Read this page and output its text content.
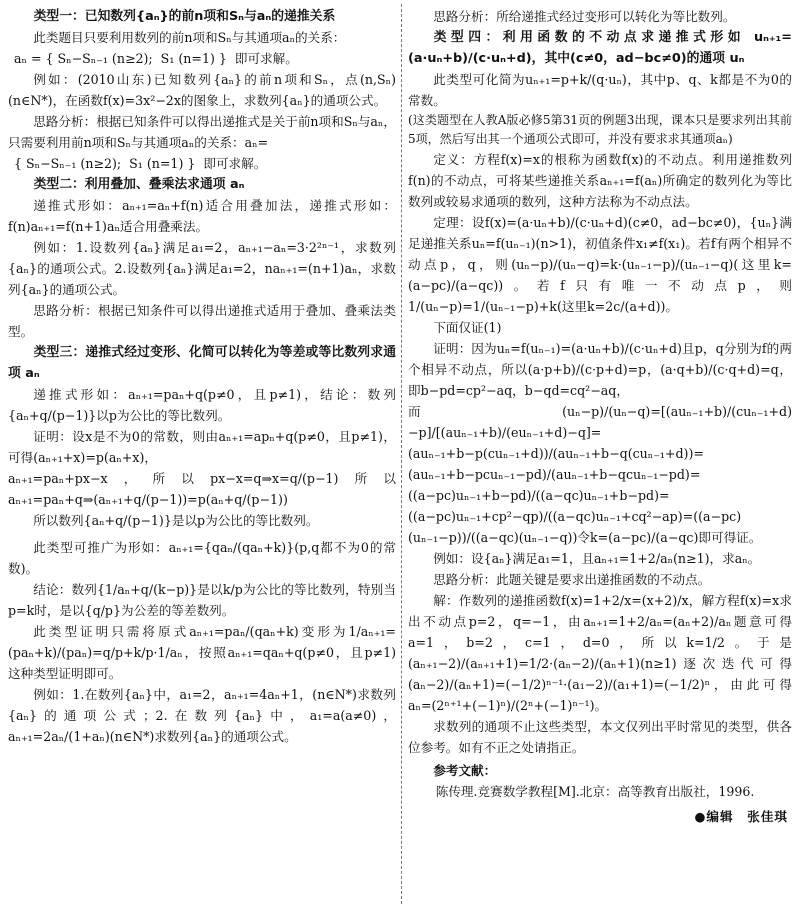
类型一：已知数列{aₙ}的前n项和Sₙ与aₙ的递推关系

此类题目只要利用数列的前n项和Sₙ与其通项aₙ的关系：

aₙ = { Sₙ−Sₙ₋₁ (n≥2);  S₁ (n=1) }  即可求解。

例如：(2010山东)已知数列{aₙ}的前n项和Sₙ，点(n,Sₙ)(n∈N*)，在函数f(x)=3x²−2x的图象上，求数列{aₙ}的通项公式。

思路分析：根据已知条件可以得出递推式是关于前n项和Sₙ与aₙ，只需要利用前n项和Sₙ与其通项aₙ的关系：aₙ=

{ Sₙ−Sₙ₋₁ (n≥2);  S₁ (n=1) }  即可求解。

类型二：利用叠加、叠乘法求通项 aₙ

递推式形如：aₙ₊₁=aₙ+f(n)适合用叠加法，递推式形如：f(n)aₙ₊₁=f(n+1)aₙ适合用叠乘法。

例如：1.设数列{aₙ}满足a₁=2，aₙ₊₁−aₙ=3·2²ⁿ⁻¹，求数列{aₙ}的通项公式。2.设数列{aₙ}满足a₁=2，naₙ₊₁=(n+1)aₙ，求数列{aₙ}的通项公式。

思路分析：根据已知条件可以得出递推式适用于叠加、叠乘法类型。

类型三：递推式经过变形、化简可以转化为等差或等比数列求通项 aₙ

递推式形如：aₙ₊₁=paₙ+q(p≠0，且p≠1)，结论：数列{aₙ+q/(p−1)}以p为公比的等比数列。

证明：设x是不为0的常数，则由aₙ₊₁=apₙ+q(p≠0，且p≠1)，可得(aₙ₊₁+x)=p(aₙ+x)，

aₙ₊₁=paₙ+px−x，所以px−x=q⇒x=q/(p−1)所以aₙ₊₁=paₙ+q⇒(aₙ₊₁+q/(p−1))=p(aₙ+q/(p−1))

所以数列{aₙ+q/(p−1)}是以p为公比的等比数列。

此类型可推广为形如：aₙ₊₁={qaₙ/(qaₙ+k)}(p,q都不为0的常数)。

结论：数列{1/aₙ+q/(k−p)}是以k/p为公比的等比数列，特别当p=k时，是以{q/p}为公差的等差数列。

此类型证明只需将原式aₙ₊₁=paₙ/(qaₙ+k)变形为1/aₙ₊₁=(paₙ+k)/(paₙ)=q/p+k/p·1/aₙ，按照aₙ₊₁=qaₙ+q(p≠0，且p≠1)这种类型证明即可。

例如：1.在数列{aₙ}中，a₁=2，aₙ₊₁=4aₙ+1，(n∈N*)求数列{aₙ}的通项公式；2.在数列{aₙ}中，a₁=a(a≠0)，aₙ₊₁=2aₙ/(1+aₙ)(n∈N*)求数列{aₙ}的通项公式。

思路分析：所给递推式经过变形可以转化为等比数列。

类型四：利用函数的不动点求递推式形如 uₙ₊₁=(a·uₙ+b)/(c·uₙ+d)，其中(c≠0，ad−bc≠0)的通项 uₙ

此类型可化简为uₙ₊₁=p+k/(q·uₙ)，其中p、q、k都是不为0的常数。

(这类题型在人教A版必修5第31页的例题3出现，课本只是要求列出其前5项，然后写出其一个通项公式即可，并没有要求求其通项aₙ)

定义：方程f(x)=x的根称为函数f(x)的不动点。利用递推数列f(n)的不动点，可将某些递推关系aₙ₊₁=f(aₙ)所确定的数列化为等比数列或较易求通项的数列，这种方法称为不动点法。

定理：设f(x)=(a·uₙ+b)/(c·uₙ+d)(c≠0，ad−bc≠0)，{uₙ}满足递推关系uₙ=f(uₙ₋₁)(n>1)，初值条件x₁≠f(x₁)。若f有两个相异不动点p，q，则(uₙ−p)/(uₙ−q)=k·(uₙ₋₁−p)/(uₙ₋₁−q)(这里k=(a−pc)/(a−qc))。若f只有唯一不动点p，则1/(uₙ−p)=1/(uₙ₋₁−p)+k(这里k=2c/(a+d))。

下面仅证(1)

证明：因为uₙ=f(uₙ₋₁)=(a·uₙ+b)/(c·uₙ+d)且p，q分别为f的两个相异不动点，所以(a·p+b)/(c·p+d)=p，(a·q+b)/(c·q+d)=q，即b−pd=cp²−aq，b−qd=cq²−aq，

而(uₙ−p)/(uₙ−q)=[(auₙ₋₁+b)/(cuₙ₋₁+d)−p]/[(auₙ₋₁+b)/(euₙ₋₁+d)−q]=(auₙ₋₁+b−p(cuₙ₋₁+d))/(auₙ₋₁+b−q(cuₙ₋₁+d))=(auₙ₋₁+b−pcuₙ₋₁−pd)/(auₙ₋₁+b−qcuₙ₋₁−pd)=((a−pc)uₙ₋₁+b−pd)/((a−qc)uₙ₋₁+b−pd)=((a−pc)uₙ₋₁+cp²−qp)/((a−qc)uₙ₋₁+cq²−ap)=((a−pc)(uₙ₋₁−p))/((a−qc)(uₙ₋₁−q))令k=(a−pc)/(a−qc)即可得证。

例如：设{aₙ}满足a₁=1，且aₙ₊₁=1+2/aₙ(n≥1)，求aₙ。

思路分析：此题关键是要求出递推函数的不动点。

解：作数列的递推函数f(x)=1+2/x=(x+2)/x，解方程f(x)=x求出不动点p=2，q=−1，由aₙ₊₁=1+2/aₙ=(aₙ+2)/aₙ题意可得a=1，b=2，c=1，d=0，所以k=1/2。于是(aₙ₊₁−2)/(aₙ₊₁+1)=1/2·(aₙ−2)/(aₙ+1)(n≥1)逐次迭代可得(aₙ−2)/(aₙ+1)=(−1/2)ⁿ⁻¹·(a₁−2)/(a₁+1)=(−1/2)ⁿ，由此可得aₙ=(2ⁿ⁺¹+(−1)ⁿ)/(2ⁿ+(−1)ⁿ⁻¹)。

求数列的通项不止这些类型，本文仅列出平时常见的类型，供各位参考。如有不正之处请指正。

参考文献：

陈传理.竞赛数学教程[M].北京：高等教育出版社，1996.

●编辑　张佳琪
